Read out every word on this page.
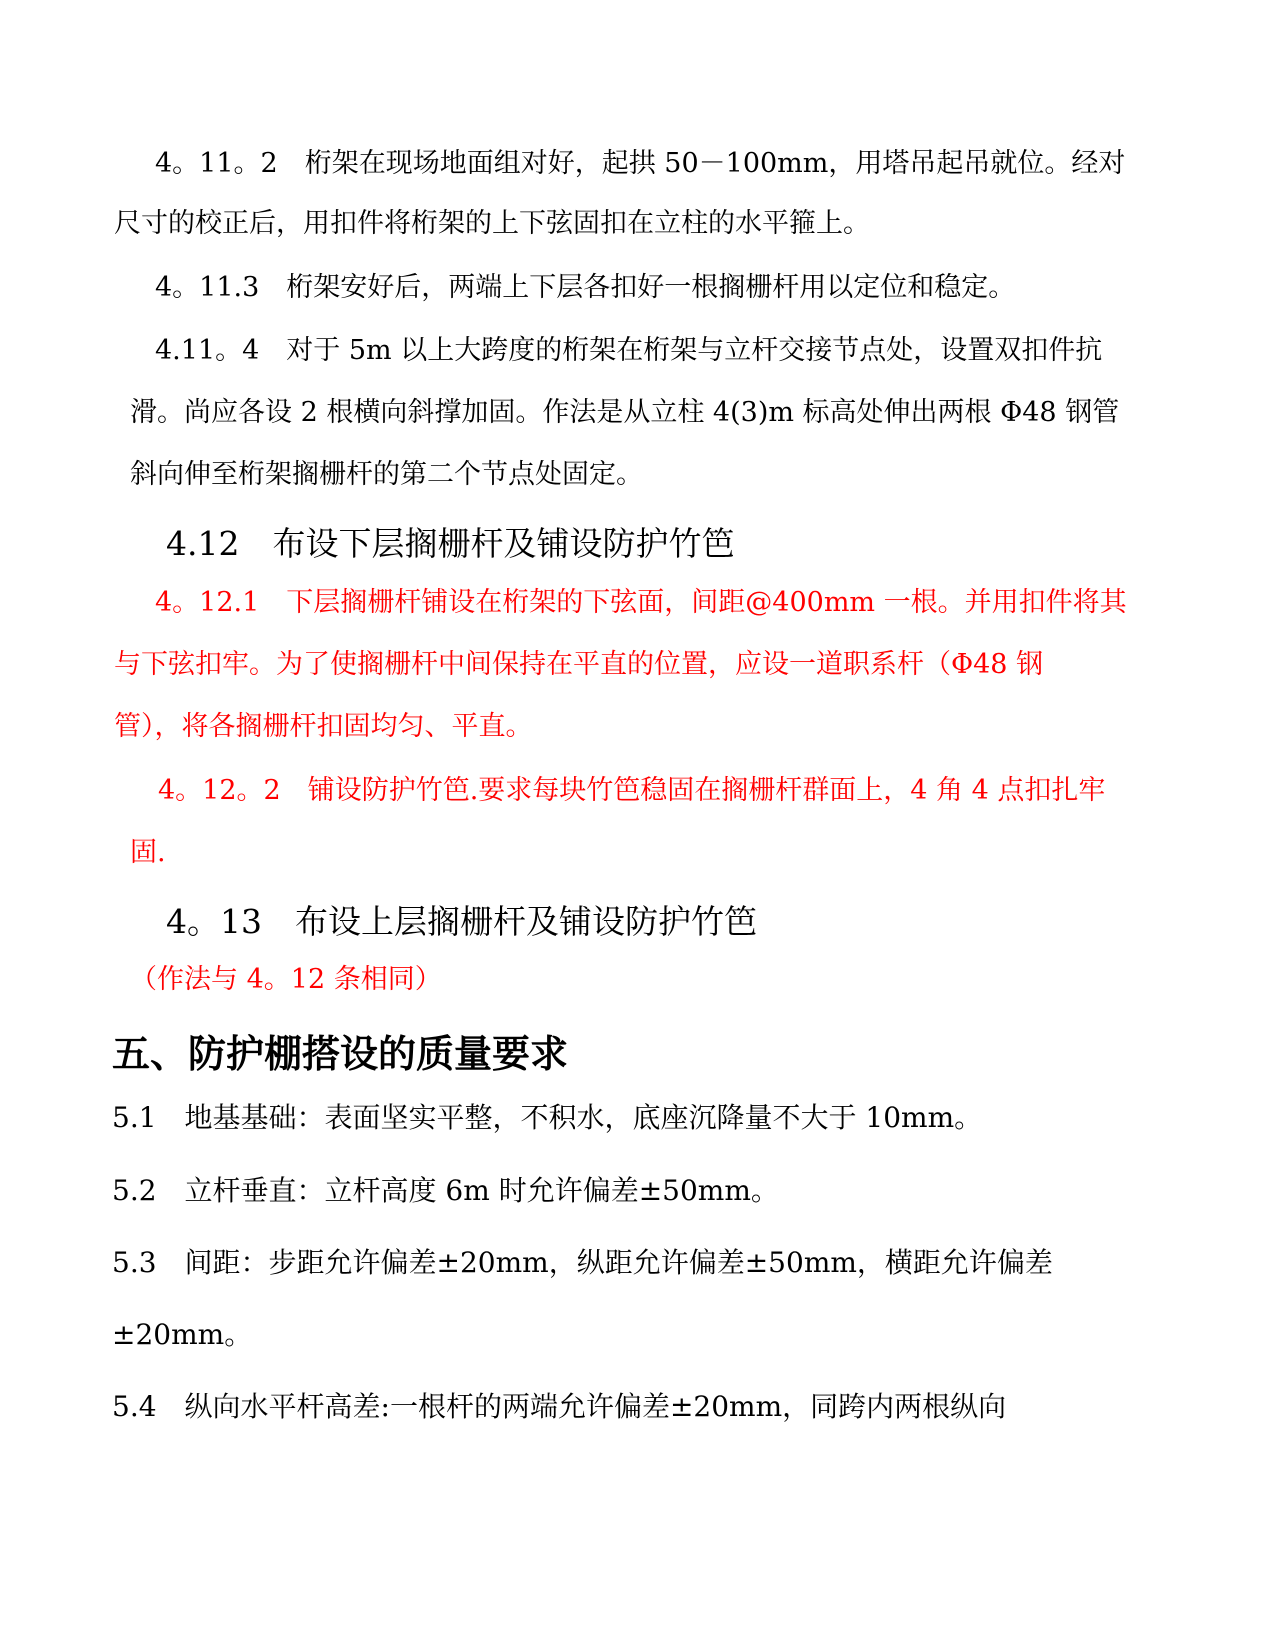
4。11。2　桁架在现场地面组对好，起拱 50－100mm，用塔吊起吊就位。经对
尺寸的校正后，用扣件将桁架的上下弦固扣在立柱的水平箍上。
4。11.3　桁架安好后，两端上下层各扣好一根搁栅杆用以定位和稳定。
4.11。4　对于 5m 以上大跨度的桁架在桁架与立杆交接节点处，设置双扣件抗
滑。尚应各设 2 根横向斜撑加固。作法是从立柱 4(3)m 标高处伸出两根 Φ48 钢管
斜向伸至桁架搁栅杆的第二个节点处固定。
4.12　布设下层搁栅杆及铺设防护竹笆
4。12.1　下层搁栅杆铺设在桁架的下弦面，间距@400mm 一根。并用扣件将其
与下弦扣牢。为了使搁栅杆中间保持在平直的位置，应设一道职系杆（Φ48 钢
管），将各搁栅杆扣固均匀、平直。
4。12。2　铺设防护竹笆.要求每块竹笆稳固在搁栅杆群面上，4 角 4 点扣扎牢
固.
4。13　布设上层搁栅杆及铺设防护竹笆
（作法与 4。12 条相同）
五、防护棚搭设的质量要求
5.1　地基基础：表面坚实平整，不积水，底座沉降量不大于 10mm。
5.2　立杆垂直：立杆高度 6m 时允许偏差±50mm。
5.3　间距：步距允许偏差±20mm，纵距允许偏差±50mm，横距允许偏差
±20mm。
5.4　纵向水平杆高差:一根杆的两端允许偏差±20mm，同跨内两根纵向
